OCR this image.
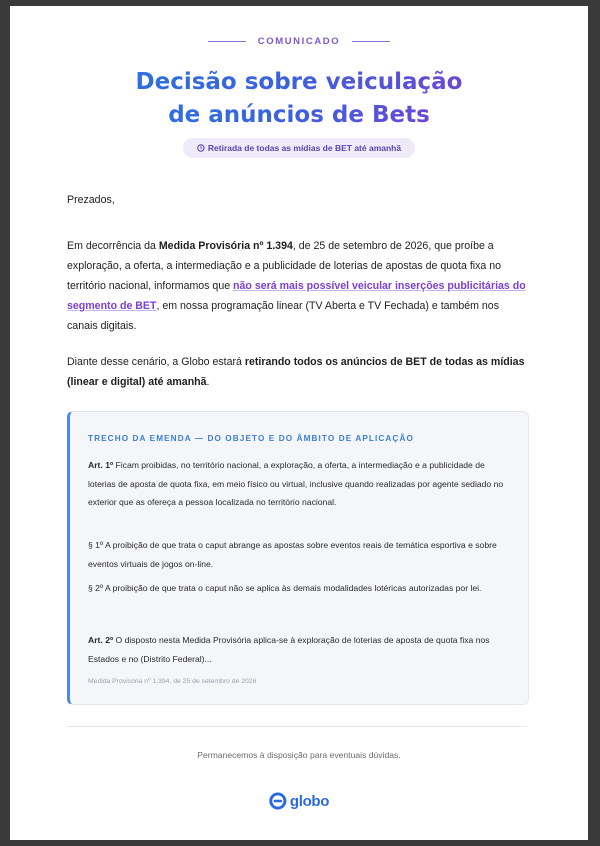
COMUNICADO
Decisão sobre veiculação
de anúncios de Bets
Retirada de todas as mídias de BET até amanhã
Prezados,
Em decorrência da Medida Provisória nº 1.394, de 25 de setembro de 2026, que proíbe a exploração, a oferta, a intermediação e a publicidade de loterias de apostas de quota fixa no território nacional, informamos que não será mais possível veicular inserções publicitárias do segmento de BET, em nossa programação linear (TV Aberta e TV Fechada) e também nos canais digitais.
Diante desse cenário, a Globo estará retirando todos os anúncios de BET de todas as mídias (linear e digital) até amanhã.
TRECHO DA EMENDA — DO OBJETO E DO ÂMBITO DE APLICAÇÃO
Art. 1º Ficam proibidas, no território nacional, a exploração, a oferta, a intermediação e a publicidade de loterias de aposta de quota fixa, em meio físico ou virtual, inclusive quando realizadas por agente sediado no exterior que as ofereça a pessoa localizada no território nacional.
§ 1º A proibição de que trata o caput abrange as apostas sobre eventos reais de temática esportiva e sobre eventos virtuais de jogos on-line.
§ 2º A proibição de que trata o caput não se aplica às demais modalidades lotéricas autorizadas por lei.
Art. 2º O disposto nesta Medida Provisória aplica-se à exploração de loterias de aposta de quota fixa nos Estados e no (Distrito Federal)...
Medida Provisória nº 1.394, de 25 de setembro de 2026
Permanecemos à disposição para eventuais dúvidas.
globo
